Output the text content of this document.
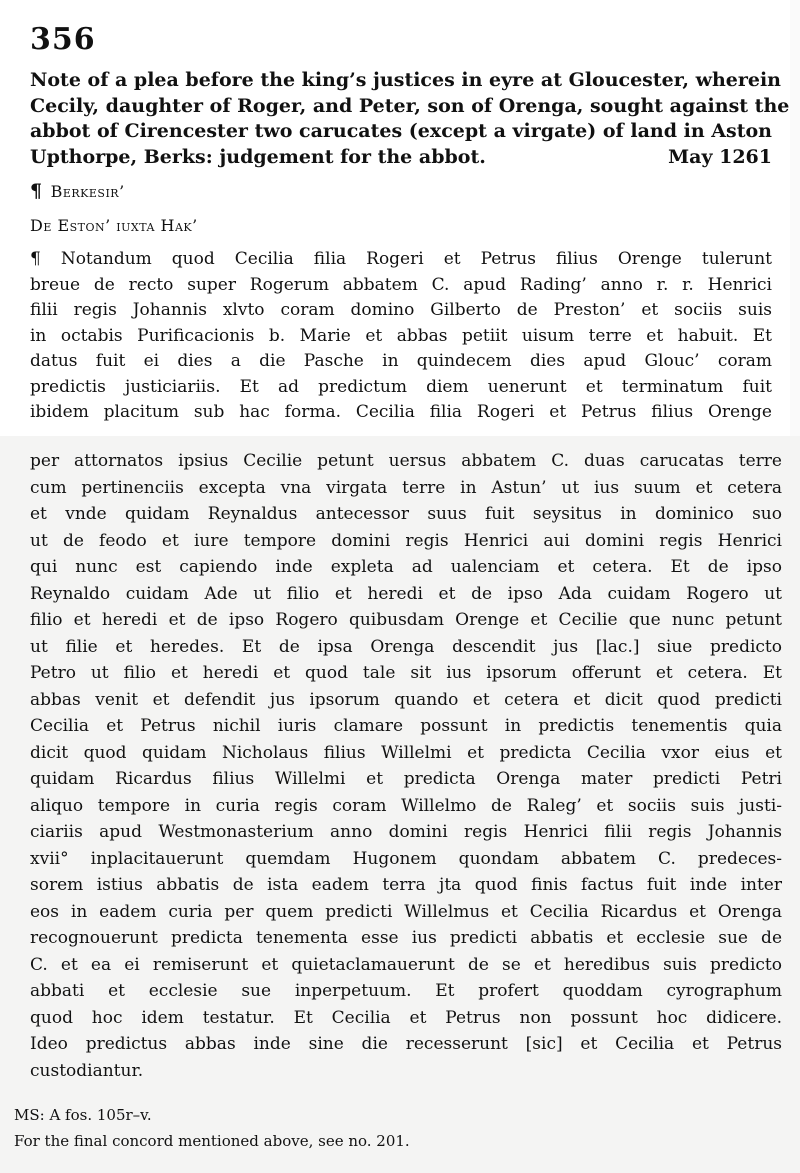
356
Note of a plea before the king’s justices in eyre at Gloucester, wherein
Cecily, daughter of Roger, and Peter, son of Orenga, sought against the
abbot of Cirencester two carucates (except a virgate) of land in Aston
Upthorpe, Berks: judgement for the abbot.	May 1261
¶ Berkesir’
De Eston’ iuxta Hak’
¶ Notandum quod Cecilia filia Rogeri et Petrus filius Orenge tulerunt
breue de recto super Rogerum abbatem C. apud Rading’ anno r. r. Henrici
filii regis Johannis xlvto coram domino Gilberto de Preston’ et sociis suis
in octabis Purificacionis b. Marie et abbas petiit uisum terre et habuit. Et
datus fuit ei dies a die Pasche in quindecem dies apud Glouc’ coram
predictis justiciariis. Et ad predictum diem uenerunt et terminatum fuit
ibidem placitum sub hac forma. Cecilia filia Rogeri et Petrus filius Orenge
per attornatos ipsius Cecilie petunt uersus abbatem C. duas carucatas terre
cum pertinenciis excepta vna virgata terre in Astun’ ut ius suum et cetera
et vnde quidam Reynaldus antecessor suus fuit seysitus in dominico suo
ut de feodo et iure tempore domini regis Henrici aui domini regis Henrici
qui nunc est capiendo inde expleta ad ualenciam et cetera. Et de ipso
Reynaldo cuidam Ade ut filio et heredi et de ipso Ada cuidam Rogero ut
filio et heredi et de ipso Rogero quibusdam Orenge et Cecilie que nunc petunt
ut filie et heredes. Et de ipsa Orenga descendit jus [lac.] siue predicto
Petro ut filio et heredi et quod tale sit ius ipsorum offerunt et cetera. Et
abbas venit et defendit jus ipsorum quando et cetera et dicit quod predicti
Cecilia et Petrus nichil iuris clamare possunt in predictis tenementis quia
dicit quod quidam Nicholaus filius Willelmi et predicta Cecilia vxor eius et
quidam Ricardus filius Willelmi et predicta Orenga mater predicti Petri
aliquo tempore in curia regis coram Willelmo de Raleg’ et sociis suis justi-
ciariis apud Westmonasterium anno domini regis Henrici filii regis Johannis
xvii° inplacitauerunt quemdam Hugonem quondam abbatem C. predeces-
sorem istius abbatis de ista eadem terra jta quod finis factus fuit inde inter
eos in eadem curia per quem predicti Willelmus et Cecilia Ricardus et Orenga
recognouerunt predicta tenementa esse ius predicti abbatis et ecclesie sue de
C. et ea ei remiserunt et quietaclamauerunt de se et heredibus suis predicto
abbati et ecclesie sue inperpetuum. Et profert quoddam cyrographum
quod hoc idem testatur. Et Cecilia et Petrus non possunt hoc didicere.
Ideo predictus abbas inde sine die recesserunt [sic] et Cecilia et Petrus
custodiantur.
MS: A fos. 105r–v.
For the final concord mentioned above, see no. 201.
